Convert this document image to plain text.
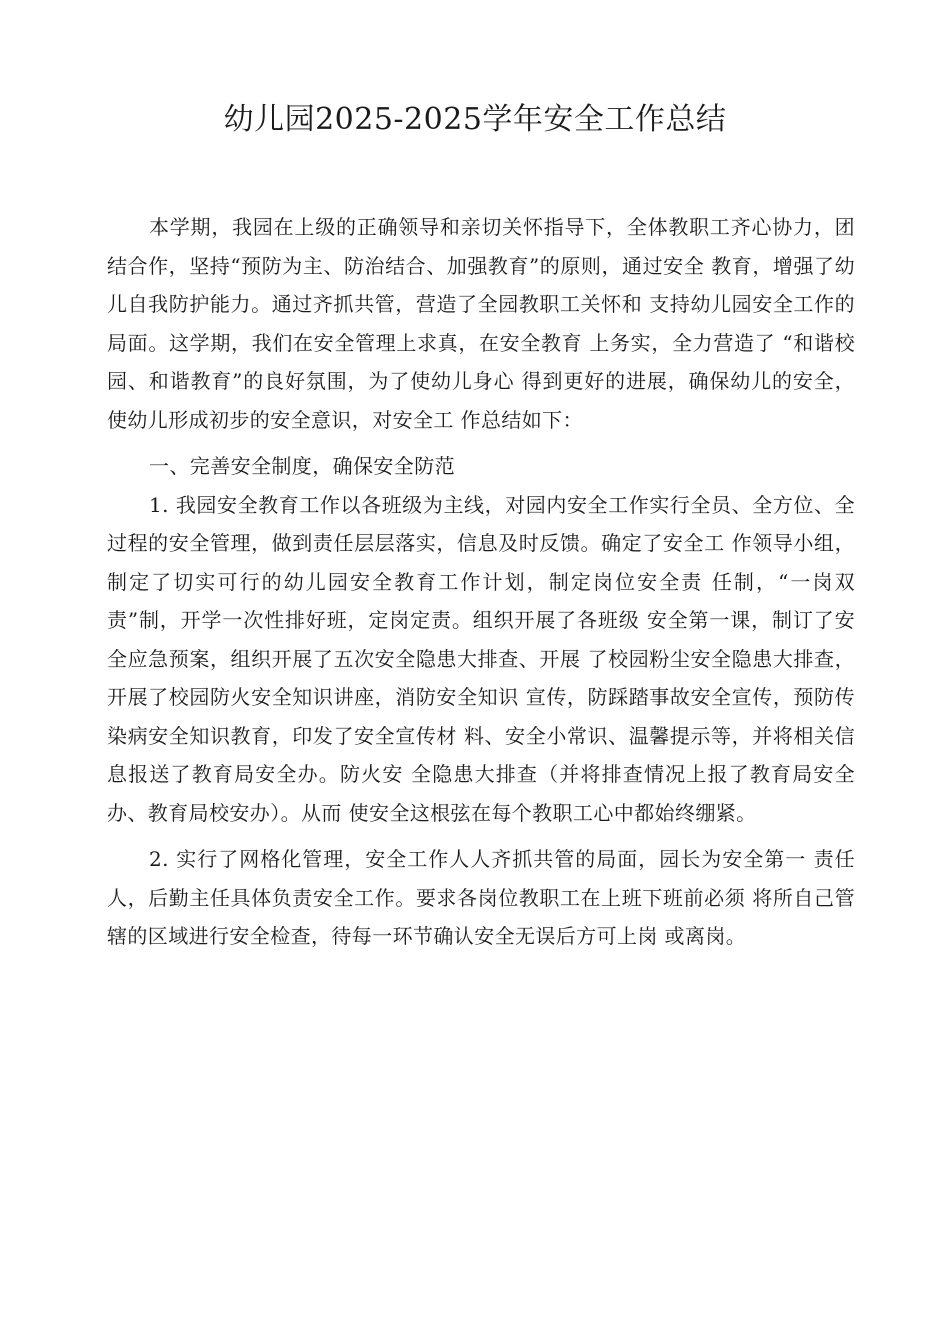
幼儿园2025-2025学年安全工作总结

本学期，我园在上级的正确领导和亲切关怀指导下，全体教职工齐心协力，团结合作，坚持“预防为主、防治结合、加强教育”的原则，通过安全 教育，增强了幼儿自我防护能力。通过齐抓共管，营造了全园教职工关怀和 支持幼儿园安全工作的局面。这学期，我们在安全管理上求真，在安全教育 上务实，全力营造了 “和谐校园、和谐教育”的良好氛围，为了使幼儿身心 得到更好的进展，确保幼儿的安全，使幼儿形成初步的安全意识，对安全工 作总结如下：

一、完善安全制度，确保安全防范

1. 我园安全教育工作以各班级为主线，对园内安全工作实行全员、全方位、全过程的安全管理，做到责任层层落实，信息及时反馈。确定了安全工 作领导小组，制定了切实可行的幼儿园安全教育工作计划，制定岗位安全责 任制，“一岗双责”制，开学一次性排好班，定岗定责。组织开展了各班级 安全第一课，制订了安全应急预案，组织开展了五次安全隐患大排查、开展 了校园粉尘安全隐患大排查，开展了校园防火安全知识讲座，消防安全知识 宣传，防踩踏事故安全宣传，预防传染病安全知识教育，印发了安全宣传材 料、安全小常识、温馨提示等，并将相关信息报送了教育局安全办。防火安 全隐患大排查（并将排查情况上报了教育局安全办、教育局校安办）。从而 使安全这根弦在每个教职工心中都始终绷紧。

2. 实行了网格化管理，安全工作人人齐抓共管的局面，园长为安全第一 责任人，后勤主任具体负责安全工作。要求各岗位教职工在上班下班前必须 将所自己管辖的区域进行安全检查，待每一环节确认安全无误后方可上岗 或离岗。
